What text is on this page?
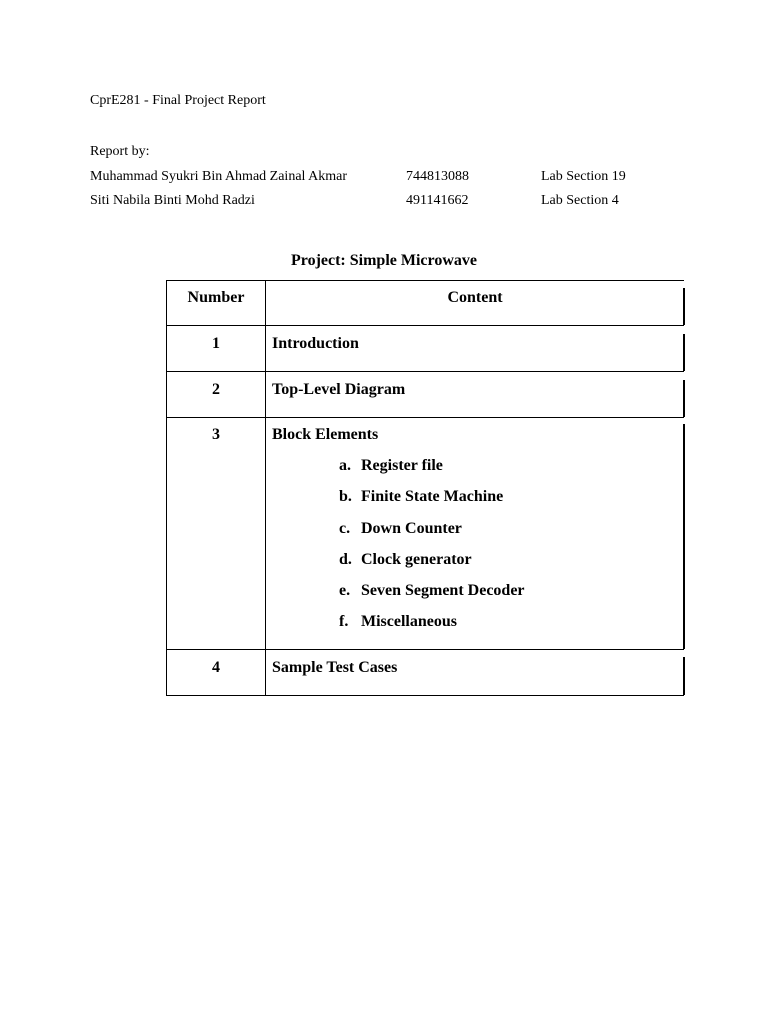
CprE281 - Final Project Report
Report by:
Muhammad Syukri Bin Ahmad Zainal Akmar	744813088	Lab Section 19
Siti Nabila Binti Mohd Radzi	491141662	Lab Section 4
Project: Simple Microwave
Number	Content
1	Introduction
2	Top-Level Diagram
3	Block Elements
a. Register file
b. Finite State Machine
c. Down Counter
d. Clock generator
e. Seven Segment Decoder
f. Miscellaneous
4	Sample Test Cases
